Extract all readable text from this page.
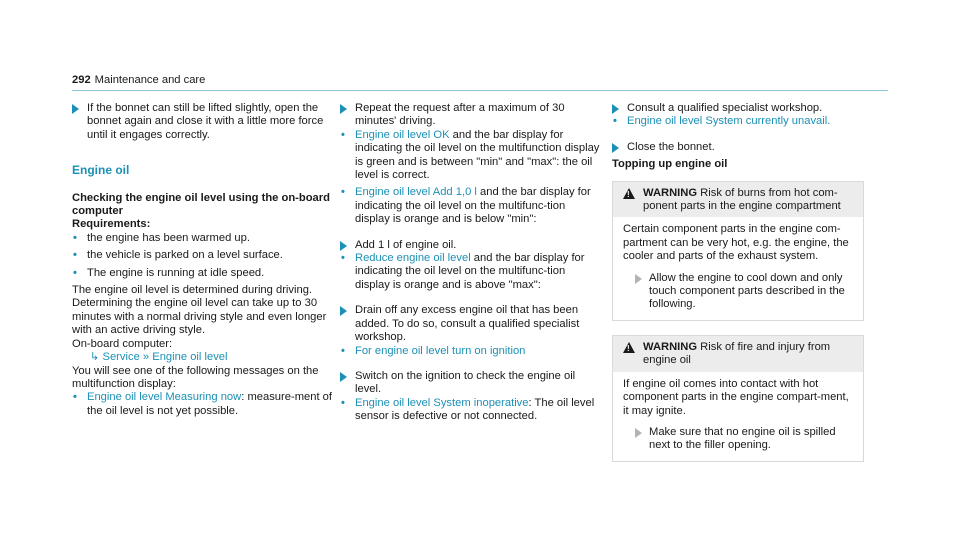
292 Maintenance and care

If the bonnet can still be lifted slightly, open the bonnet again and close it with a little more force until it engages correctly.

Engine oil
Checking the engine oil level using the on-board computer
Requirements:
• the engine has been warmed up.
• the vehicle is parked on a level surface.
• The engine is running at idle speed.

The engine oil level is determined during driving. Determining the engine oil level can take up to 30 minutes with a normal driving style and even longer with an active driving style.

On-board computer:

↳ Service » Engine oil level

You will see one of the following messages on the multifunction display:

• Engine oil level Measuring now: measure-ment of the oil level is not yet possible.

Repeat the request after a maximum of 30 minutes' driving.

• Engine oil level OK and the bar display for indicating the oil level on the multifunction display is green and is between "min" and "max": the oil level is correct.
• Engine oil level Add 1,0 l and the bar display for indicating the oil level on the multifunc-tion display is orange and is below "min":

Add 1 l of engine oil.

• Reduce engine oil level and the bar display for indicating the oil level on the multifunc-tion display is orange and is above "max":

Drain off any excess engine oil that has been added. To do so, consult a qualified specialist workshop.

• For engine oil level turn on ignition

Switch on the ignition to check the engine oil level.

• Engine oil level System inoperative: The oil level sensor is defective or not connected.

Consult a qualified specialist workshop.

• Engine oil level System currently unavail.

Close the bonnet.

Topping up engine oil
!
WARNING Risk of burns from hot com-ponent parts in the engine compartment

Certain component parts in the engine com-partment can be very hot, e.g. the engine, the cooler and parts of the exhaust system.

Allow the engine to cool down and only touch component parts described in the following.
!
WARNING Risk of fire and injury from engine oil

If engine oil comes into contact with hot component parts in the engine compart-ment, it may ignite.

Make sure that no engine oil is spilled next to the filler opening.
